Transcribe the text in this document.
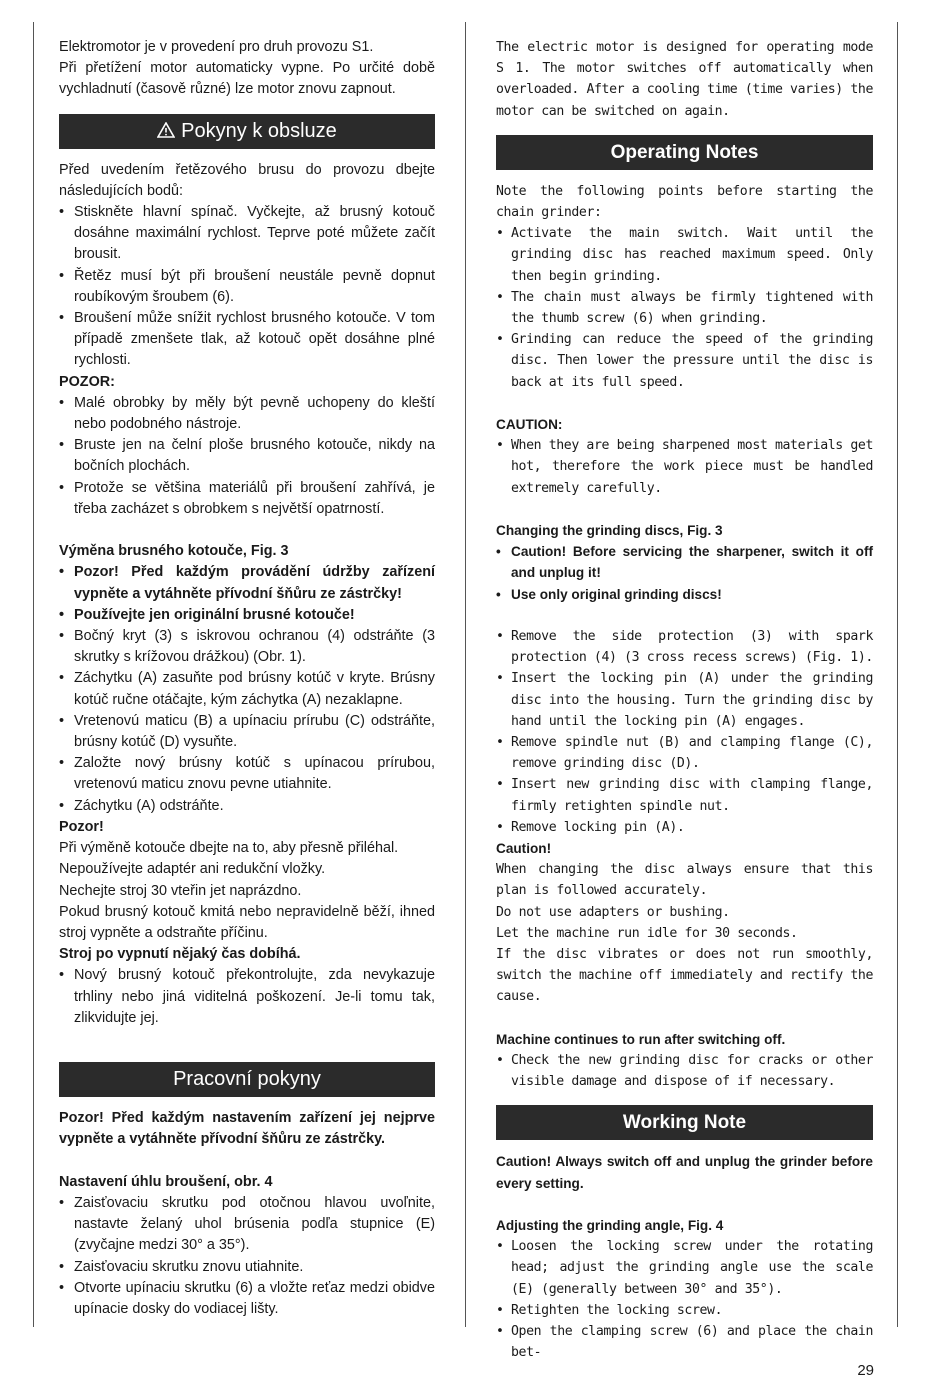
Elektromotor je v provedení pro druh provozu S1.

Při přetížení motor automaticky vypne. Po určité době vychladnutí (časově různé) lze motor znovu zapnout.

Pokyny k obsluze

Před uvedením řetězového brusu do provozu dbejte následujících bodů:

• Stiskněte hlavní spínač. Vyčkejte, až brusný kotouč dosáhne maximální rychlost. Teprve poté můžete začít brousit.
• Řetěz musí být při broušení neustále pevně dopnut roubíkovým šroubem (6).
• Broušení může snížit rychlost brusného kotouče. V tom případě zmenšete tlak, až kotouč opět dosáhne plné rychlosti.

POZOR:

• Malé obrobky by měly být pevně uchopeny do kleští nebo podobného nástroje.
• Bruste jen na čelní ploše brusného kotouče, nikdy na bočních plochách.
• Protože se většina materiálů při broušení zahřívá, je třeba zacházet s obrobkem s největší opatrností.

Výměna brusného kotouče, Fig. 3

• Pozor! Před každým provádění údržby zařízení vypněte a vytáhněte přívodní šňůru ze zástrčky!
• Používejte jen originální brusné kotouče!
• Bočný kryt (3) s iskrovou ochranou (4) odstráňte (3 skrutky s krížovou drážkou) (Obr. 1).
• Záchytku (A) zasuňte pod brúsny kotúč v kryte. Brúsny kotúč ručne otáčajte, kým záchytka (A) nezaklapne.
• Vretenovú maticu (B) a upínaciu prírubu (C) odstráňte, brúsny kotúč (D) vysuňte.
• Založte nový brúsny kotúč s upínacou prírubou, vretenovú maticu znovu pevne utiahnite.
• Záchytku (A) odstráňte.

Pozor!

Při výměně kotouče dbejte na to, aby přesně přiléhal.

Nepoužívejte adaptér ani redukční vložky.

Nechejte stroj 30 vteřin jet naprázdno.

Pokud brusný kotouč kmitá nebo nepravidelně běží, ihned stroj vypněte a odstraňte příčinu.

Stroj po vypnutí nějaký čas dobíhá.

• Nový brusný kotouč překontrolujte, zda nevykazuje trhliny nebo jiná viditelná poškození. Je-li tomu tak, zlikvidujte jej.
Pracovní pokyny

Pozor! Před každým nastavením zařízení jej nejprve vypněte a vytáhněte přívodní šňůru ze zástrčky.

Nastavení úhlu broušení, obr. 4

• Zaisťovaciu skrutku pod otočnou hlavou uvoľnite, nastavte želaný uhol brúsenia podľa stupnice (E) (zvyčajne medzi 30° a 35°).
• Zaisťovaciu skrutku znovu utiahnite.
• Otvorte upínaciu skrutku (6) a vložte reťaz medzi obidve upínacie dosky do vodiacej lišty.

The electric motor is designed for operating mode S 1. The motor switches off automatically when overloaded. After a cooling time (time varies) the motor can be switched on again.

Operating Notes

Note the following points before starting the chain grinder:

• Activate the main switch. Wait until the grinding disc has reached maximum speed. Only then begin grinding.
• The chain must always be firmly tightened with the thumb screw (6) when grinding.
• Grinding can reduce the speed of the grinding disc. Then lower the pressure until the disc is back at its full speed.

CAUTION:

• When they are being sharpened most materials get hot, therefore the work piece must be handled extremely carefully.

Changing the grinding discs, Fig. 3

• Caution! Before servicing the sharpener, switch it off and unplug it!
• Use only original grinding discs!
• Remove the side protection (3) with spark protection (4) (3 cross recess screws) (Fig. 1).
• Insert the locking pin (A) under the grinding disc into the housing. Turn the grinding disc by hand until the locking pin (A) engages.
• Remove spindle nut (B) and clamping flange (C), remove grinding disc (D).
• Insert new grinding disc with clamping flange, firmly retighten spindle nut.
• Remove locking pin (A).

Caution!

When changing the disc always ensure that this plan is followed accurately.

Do not use adapters or bushing.

Let the machine run idle for 30 seconds.

If the disc vibrates or does not run smoothly, switch the machine off immediately and rectify the cause.

Machine continues to run after switching off.

• Check the new grinding disc for cracks or other visible damage and dispose of if necessary.
Working Note

Caution! Always switch off and unplug the grinder before every setting.

Adjusting the grinding angle, Fig. 4

• Loosen the locking screw under the rotating head; adjust the grinding angle use the scale (E) (generally between 30° and 35°).
• Retighten the locking screw.
• Open the clamping screw (6) and place the chain bet-
29
